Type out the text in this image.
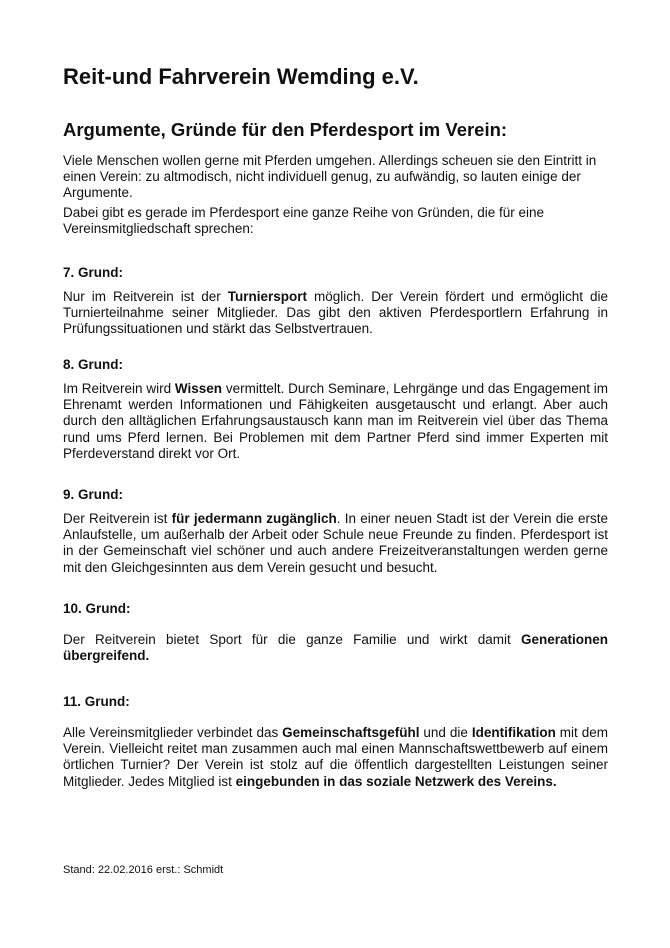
Reit-und Fahrverein Wemding e.V.
Argumente, Gründe für den Pferdesport im Verein:

Viele Menschen wollen gerne mit Pferden umgehen. Allerdings scheuen sie den Eintritt in einen Verein: zu altmodisch, nicht individuell genug, zu aufwändig, so lauten einige der Argumente.

Dabei gibt es gerade im Pferdesport eine ganze Reihe von Gründen, die für eine Vereinsmitgliedschaft sprechen:

7. Grund:

Nur im Reitverein ist der Turniersport möglich. Der Verein fördert und ermöglicht die Turnierteilnahme seiner Mitglieder. Das gibt den aktiven Pferdesportlern Erfahrung in Prüfungssituationen und stärkt das Selbstvertrauen.

8. Grund:

Im Reitverein wird Wissen vermittelt. Durch Seminare, Lehrgänge und das Engagement im Ehrenamt werden Informationen und Fähigkeiten ausgetauscht und erlangt. Aber auch durch den alltäglichen Erfahrungsaustausch kann man im Reitverein viel über das Thema rund ums Pferd lernen. Bei Problemen mit dem Partner Pferd sind immer Experten mit Pferdeverstand direkt vor Ort.

9. Grund:

Der Reitverein ist für jedermann zugänglich. In einer neuen Stadt ist der Verein die erste Anlaufstelle, um außerhalb der Arbeit oder Schule neue Freunde zu finden. Pferdesport ist in der Gemeinschaft viel schöner und auch andere Freizeitveranstaltungen werden gerne mit den Gleichgesinnten aus dem Verein gesucht und besucht.

10. Grund:

Der Reitverein bietet Sport für die ganze Familie und wirkt damit Generationen übergreifend.

11. Grund:

Alle Vereinsmitglieder verbindet das Gemeinschaftsgefühl und die Identifikation mit dem Verein. Vielleicht reitet man zusammen auch mal einen Mannschaftswettbewerb auf einem örtlichen Turnier? Der Verein ist stolz auf die öffentlich dargestellten Leistungen seiner Mitglieder. Jedes Mitglied ist eingebunden in das soziale Netzwerk des Vereins.

Stand: 22.02.2016 erst.: Schmidt
